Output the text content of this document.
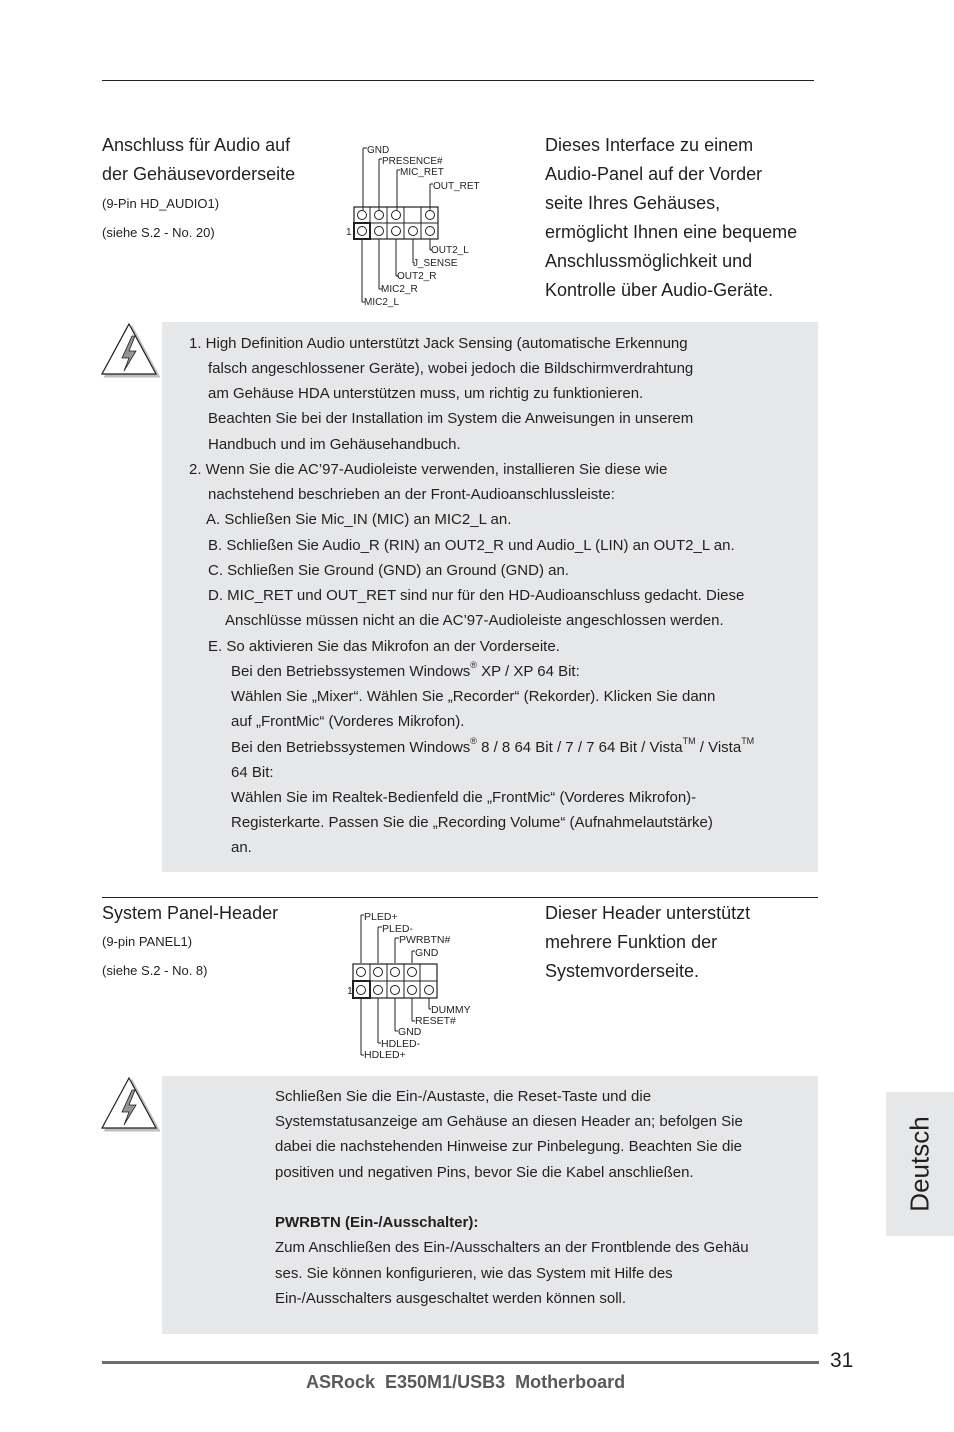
Anschluss für Audio auf
der Gehäusevorderseite
(9-Pin HD_AUDIO1)
(siehe S.2 - No. 20)
GND
PRESENCE#
MIC_RET
OUT_RET
1
OUT2_L
J_SENSE
OUT2_R
MIC2_R
MIC2_L
Dieses Interface zu einem
Audio-Panel auf der Vorder
seite Ihres Gehäuses,
ermöglicht Ihnen eine bequeme
Anschlussmöglichkeit und
Kontrolle über Audio-Geräte.
1. High Definition Audio unterstützt Jack Sensing (automatische Erkennung
falsch angeschlossener Geräte), wobei jedoch die Bildschirmverdrahtung
am Gehäuse HDA unterstützen muss, um richtig zu funktionieren.
Beachten Sie bei der Installation im System die Anweisungen in unserem
Handbuch und im Gehäusehandbuch.
2. Wenn Sie die AC’97-Audioleiste verwenden, installieren Sie diese wie
nachstehend beschrieben an der Front-Audioanschlussleiste:
A. Schließen Sie Mic_IN (MIC) an MIC2_L an.
B. Schließen Sie Audio_R (RIN) an OUT2_R und Audio_L (LIN) an OUT2_L an.
C. Schließen Sie Ground (GND) an Ground (GND) an.
D. MIC_RET und OUT_RET sind nur für den HD-Audioanschluss gedacht. Diese
Anschlüsse müssen nicht an die AC’97-Audioleiste angeschlossen werden.
E. So aktivieren Sie das Mikrofon an der Vorderseite.
Bei den Betriebssystemen Windows® XP / XP 64 Bit:
Wählen Sie „Mixer“. Wählen Sie „Recorder“ (Rekorder). Klicken Sie dann
auf „FrontMic“ (Vorderes Mikrofon).
Bei den Betriebssystemen Windows® 8 / 8 64 Bit / 7 / 7 64 Bit / Vista™ / Vista™
64 Bit:
Wählen Sie im Realtek-Bedienfeld die „FrontMic“ (Vorderes Mikrofon)-
Registerkarte. Passen Sie die „Recording Volume“ (Aufnahmelautstärke)
an.
System Panel-Header
(9-pin PANEL1)
(siehe S.2 - No. 8)
PLED+
PLED-
PWRBTN#
GND
1
DUMMY
RESET#
GND
HDLED-
HDLED+
Dieser Header unterstützt
mehrere Funktion der
Systemvorderseite.
Schließen Sie die Ein-/Austaste, die Reset-Taste und die
Systemstatusanzeige am Gehäuse an diesen Header an; befolgen Sie
dabei die nachstehenden Hinweise zur Pinbelegung. Beachten Sie die
positiven und negativen Pins, bevor Sie die Kabel anschließen.
PWRBTN (Ein-/Ausschalter):
Zum Anschließen des Ein-/Ausschalters an der Frontblende des Gehäu
ses. Sie können konfigurieren, wie das System mit Hilfe des
Ein-/Ausschalters ausgeschaltet werden können soll.
Deutsch
31
ASRock  E350M1/USB3  Motherboard
